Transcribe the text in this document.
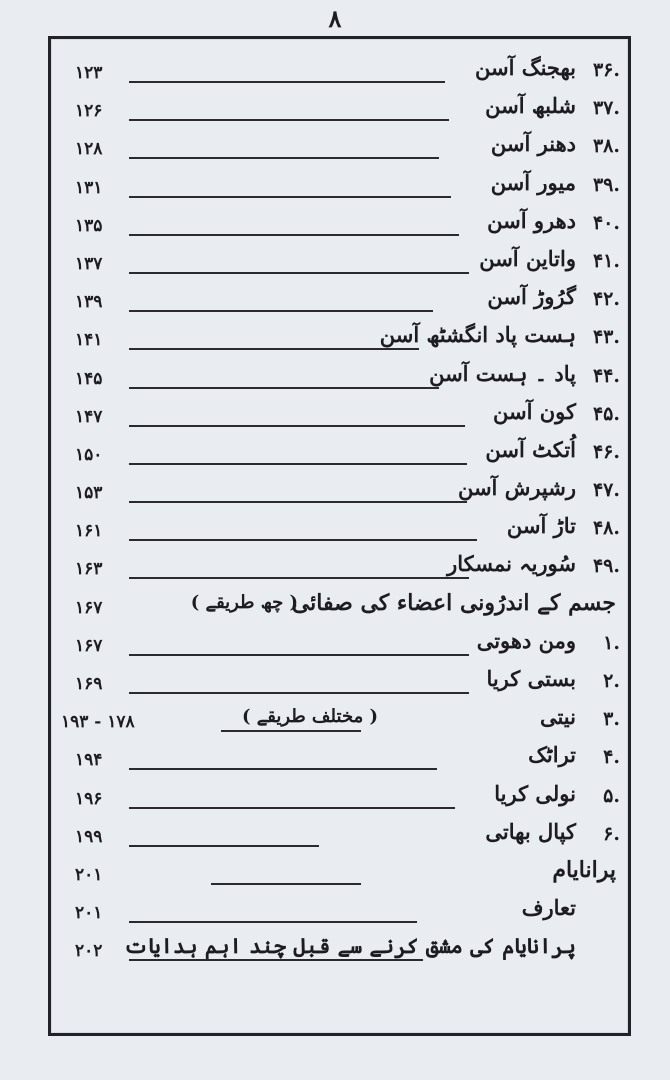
۸
.۳۶
بھجنگ آسن
۱۲۳
.۳۷
شلبھ آسن
۱۲۶
.۳۸
دھنر آسن
۱۲۸
.۳۹
میور آسن
۱۳۱
.۴۰
دھرو آسن
۱۳۵
.۴۱
واتاین آسن
۱۳۷
.۴۲
گرُوڑ آسن
۱۳۹
.۴۳
ہست پاد انگشٹھ آسن
۱۴۱
.۴۴
پاد ۔ ہست آسن
۱۴۵
.۴۵
کون آسن
۱۴۷
.۴۶
اُتکٹ آسن
۱۵۰
.۴۷
رشپرش آسن
۱۵۳
.۴۸
تاڑ آسن
۱۶۱
.۴۹
سُوریہ نمسکار
۱۶۳
جسم کے اندرُونی اعضاء کی صفائی
( چھ طریقے )
۱۶۷
.۱
ومن دھوتی
۱۶۷
.۲
بستی کریا
۱۶۹
.۳
نیتی
( مختلف طریقے )
۱۹۳ - ۱۷۸
.۴
تراٹک
۱۹۴
.۵
نولی کریا
۱۹۶
.۶
کپال بھاتی
۱۹۹
پرانایام
۲۰۱
تعارف
۲۰۱
پرانایام کی مشق کرنے سے قبل چند اہم ہدایات
۲۰۲
